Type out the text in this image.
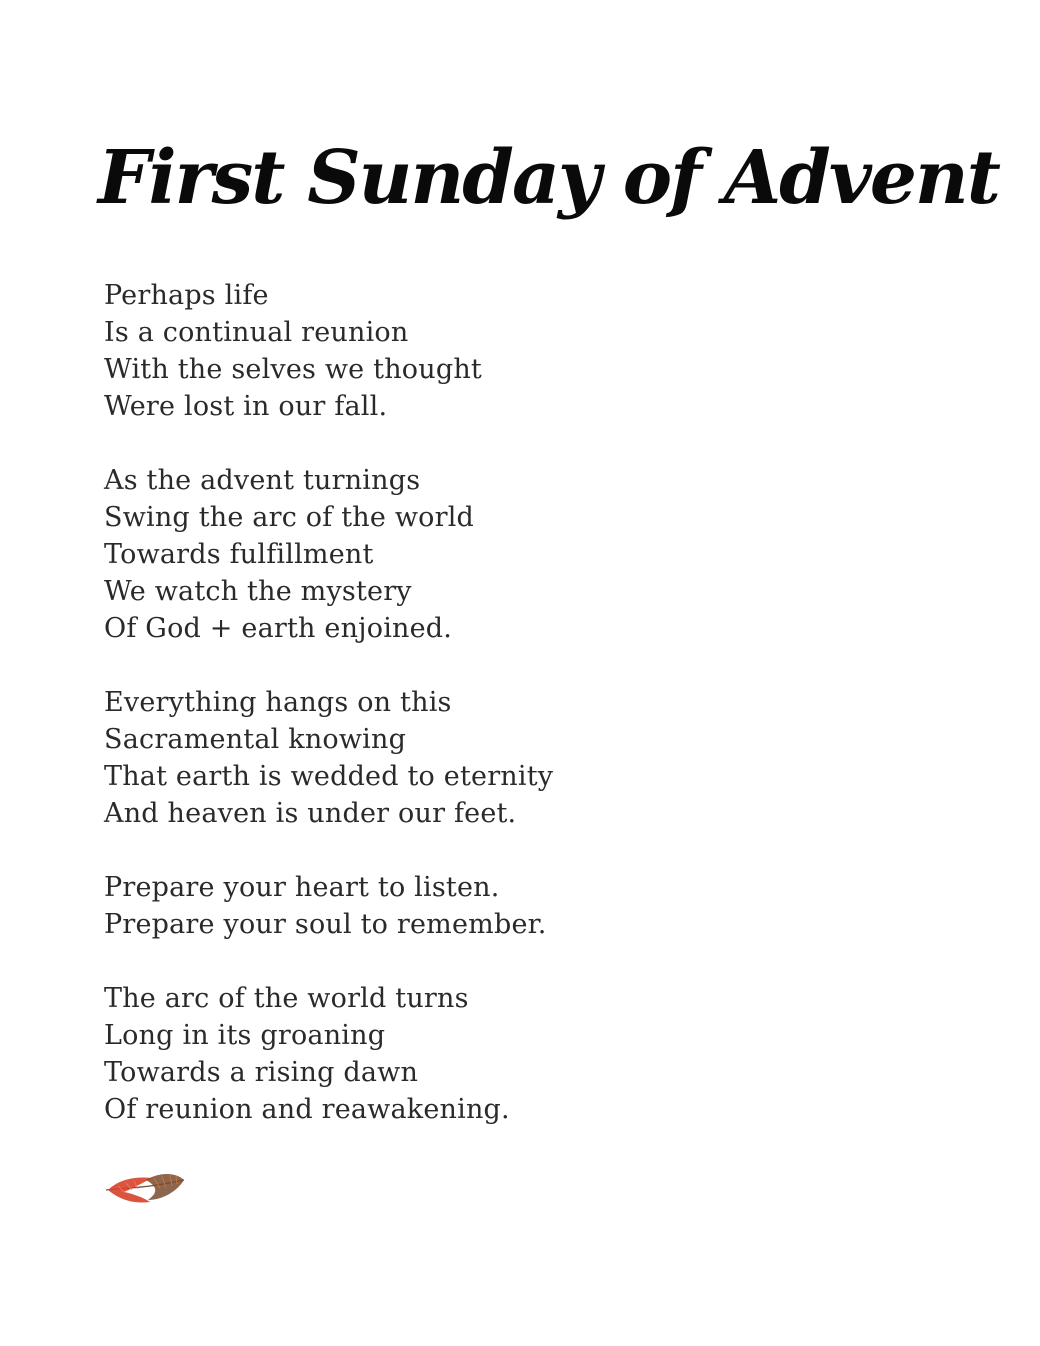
First Sunday of Advent
Perhaps life
Is a continual reunion
With the selves we thought
Were lost in our fall.
As the advent turnings
Swing the arc of the world
Towards fulfillment
We watch the mystery
Of God + earth enjoined.
Everything hangs on this
Sacramental knowing
That earth is wedded to eternity
And heaven is under our feet.
Prepare your heart to listen.
Prepare your soul to remember.
The arc of the world turns
Long in its groaning
Towards a rising dawn
Of reunion and reawakening.
